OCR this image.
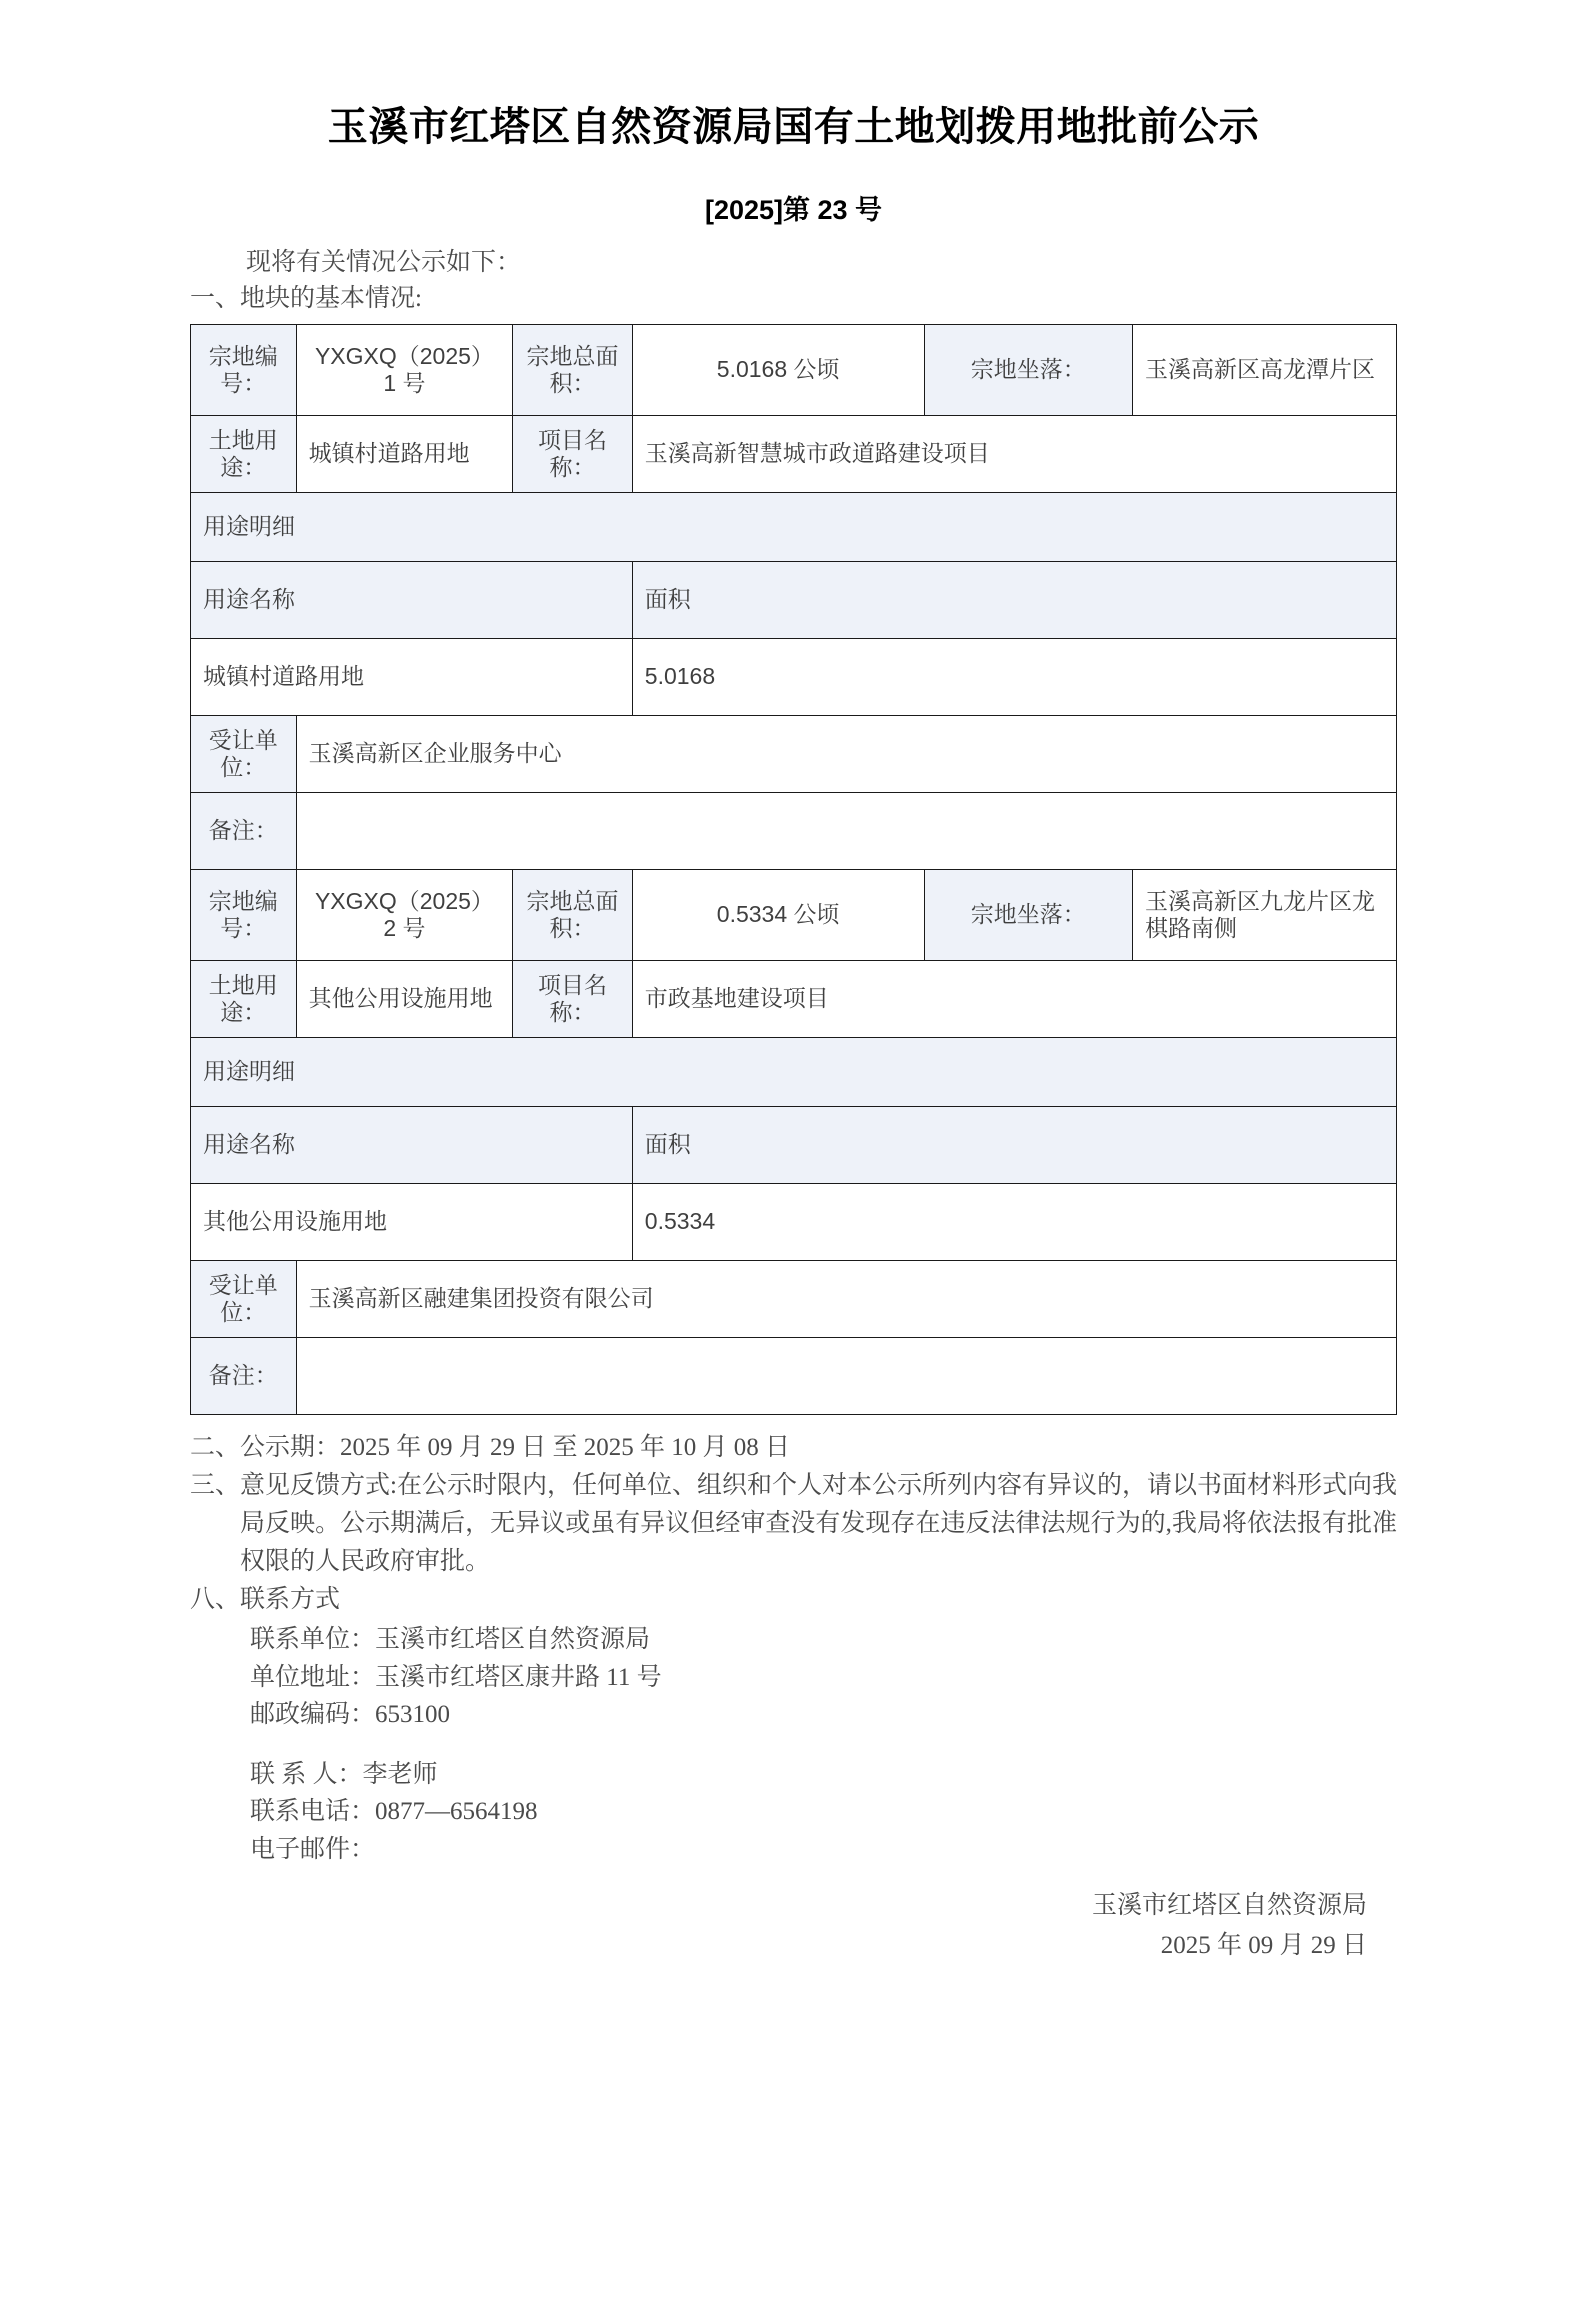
玉溪市红塔区自然资源局国有土地划拨用地批前公示
[2025]第 23 号
现将有关情况公示如下：
一、地块的基本情况:
宗地编号：	YXGXQ（2025）1 号	宗地总面积：	5.0168 公顷	宗地坐落：	玉溪高新区高龙潭片区
土地用途：	城镇村道路用地	项目名称：	玉溪高新智慧城市政道路建设项目		
用途明细					
用途名称			面积		
城镇村道路用地			5.0168		
受让单位：	玉溪高新区企业服务中心				
备注：					
宗地编号：	YXGXQ（2025）2 号	宗地总面积：	0.5334 公顷	宗地坐落：	玉溪高新区九龙片区龙棋路南侧
土地用途：	其他公用设施用地	项目名称：	市政基地建设项目		
用途明细					
用途名称			面积		
其他公用设施用地			0.5334		
受让单位：	玉溪高新区融建集团投资有限公司				
备注：					
二、 公示期：2025 年 09 月 29 日 至 2025 年 10 月 08 日
三、 意见反馈方式:在公示时限内，任何单位、组织和个人对本公示所列内容有异议的，请以书面材料形式向我局反映。公示期满后，无异议或虽有异议但经审查没有发现存在违反法律法规行为的,我局将依法报有批准权限的人民政府审批。
八、 联系方式
联系单位：玉溪市红塔区自然资源局
单位地址：玉溪市红塔区康井路 11 号
邮政编码：653100
联 系 人：李老师
联系电话：0877—6564198
电子邮件：
玉溪市红塔区自然资源局
2025 年 09 月 29 日
